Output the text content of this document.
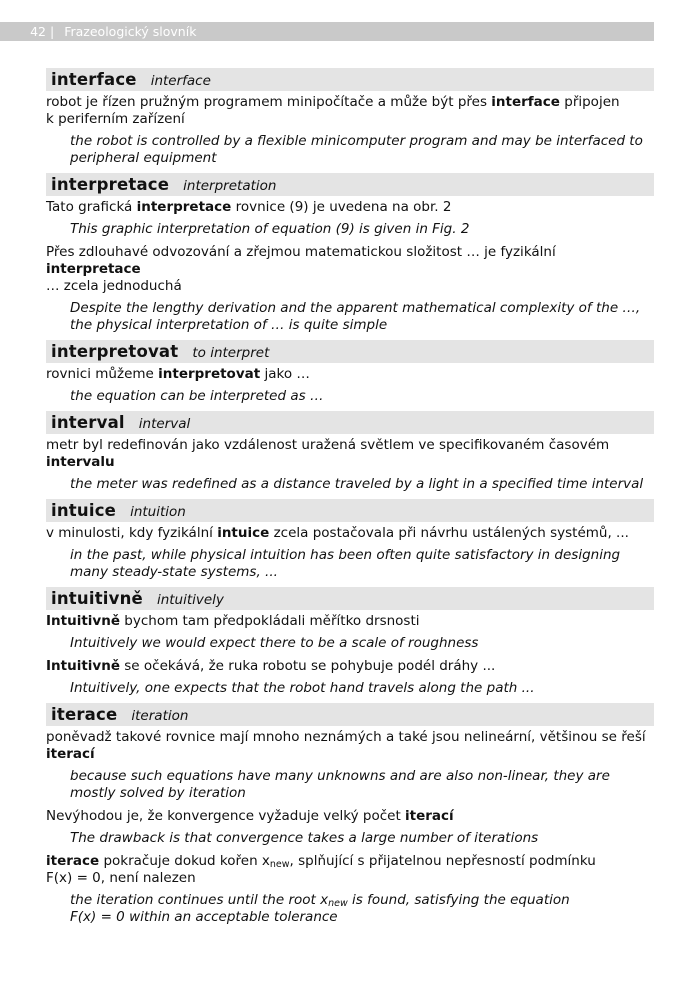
42 | Frazeologický slovník
interface interface
robot je řízen pružným programem minipočítače a může být přes interface připojen
k periferním zařízení
the robot is controlled by a flexible minicomputer program and may be interfaced to peripheral equipment
interpretace interpretation
Tato grafická interpretace rovnice (9) je uvedena na obr. 2
This graphic interpretation of equation (9) is given in Fig. 2
Přes zdlouhavé odvozování a zřejmou matematickou složitost … je fyzikální interpretace
… zcela jednoduchá
Despite the lengthy derivation and the apparent mathematical complexity of the …, the physical interpretation of … is quite simple
interpretovat to interpret
rovnici můžeme interpretovat jako …
the equation can be interpreted as …
interval interval
metr byl redefinován jako vzdálenost uražená světlem ve specifikovaném časovém
intervalu
the meter was redefined as a distance traveled by a light in a specified time interval
intuice intuition
v minulosti, kdy fyzikální intuice zcela postačovala při návrhu ustálených systémů, ...
in the past, while physical intuition has been often quite satisfactory in designing many steady-state systems, ...
intuitivně intuitively
Intuitivně bychom tam předpokládali měřítko drsnosti
Intuitively we would expect there to be a scale of roughness
Intuitivně se očekává, že ruka robotu se pohybuje podél dráhy ...
Intuitively, one expects that the robot hand travels along the path ...
iterace iteration
poněvadž takové rovnice mají mnoho neznámých a také jsou nelineární, většinou se řeší
iterací
because such equations have many unknowns and are also non-linear, they are mostly solved by iteration
Nevýhodou je, že konvergence vyžaduje velký počet iterací
The drawback is that convergence takes a large number of iterations
iterace pokračuje dokud kořen $x_{new}$, splňující s přijatelnou nepřesností podmínku
F(x) = 0, není nalezen
the iteration continues until the root $x_{new}$ is found, satisfying the equation
F(x) = 0 within an acceptable tolerance
